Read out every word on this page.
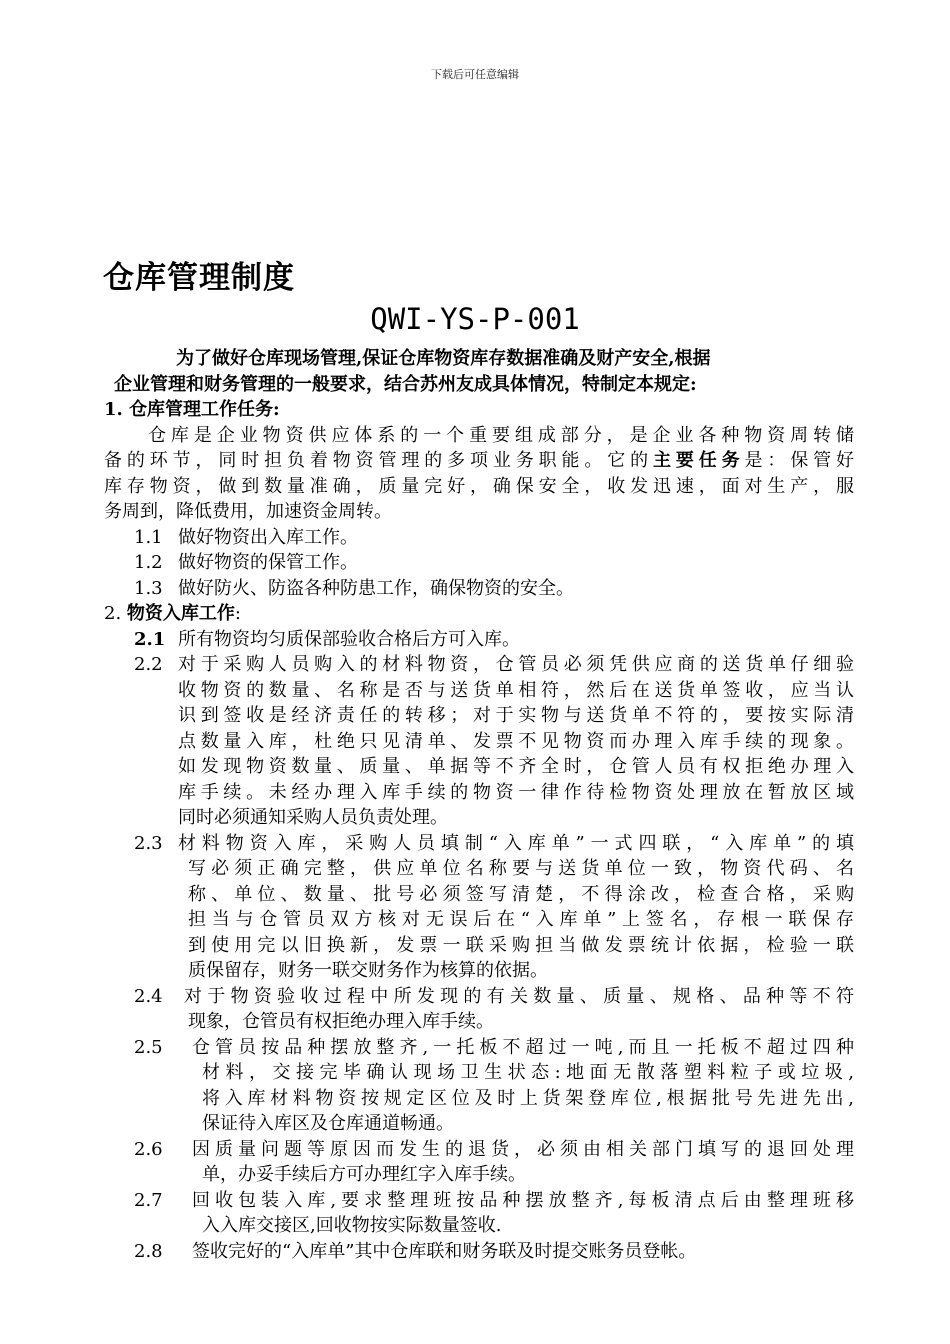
下载后可任意编辑
仓库管理制度
QWI-YS-P-001
为了做好仓库现场管理,保证仓库物资库存数据准确及财产安全,根据
企业管理和财务管理的一般要求，结合苏州友成具体情况，特制定本规定:
1. 仓库管理工作任务:
仓库是企业物资供应体系的一个重要组成部分，是企业各种物资周转储
备的环节，同时担负着物资管理的多项业务职能。它的主要任务是：保管好
库存物资，做到数量准确，质量完好，确保安全，收发迅速，面对生产，服
务周到，降低费用，加速资金周转。
1.1 做好物资出入库工作。
1.2 做好物资的保管工作。
1.3 做好防火、防盗各种防患工作，确保物资的安全。
2. 物资入库工作:
2.1 所有物资均匀质保部验收合格后方可入库。
2.2 对于采购人员购入的材料物资，仓管员必须凭供应商的送货单仔细验
收物资的数量、名称是否与送货单相符，然后在送货单签收，应当认
识到签收是经济责任的转移；对于实物与送货单不符的，要按实际清
点数量入库，杜绝只见清单、发票不见物资而办理入库手续的现象。
如发现物资数量、质量、单据等不齐全时，仓管人员有权拒绝办理入
库手续。未经办理入库手续的物资一律作待检物资处理放在暂放区域
同时必须通知采购人员负责处理。
2.3 材料物资入库，采购人员填制“入库单”一式四联，“入库单”的填
写必须正确完整，供应单位名称要与送货单位一致，物资代码、名
称、单位、数量、批号必须签写清楚，不得涂改，检查合格，采购
担当与仓管员双方核对无误后在“入库单”上签名，存根一联保存
到使用完以旧换新，发票一联采购担当做发票统计依据，检验一联
质保留存，财务一联交财务作为核算的依据。
2.4	对于物资验收过程中所发现的有关数量、质量、规格、品种等不符
现象，仓管员有权拒绝办理入库手续。
2.5	仓管员按品种摆放整齐,一托板不超过一吨,而且一托板不超过四种
材料，交接完毕确认现场卫生状态:地面无散落塑料粒子或垃圾,
将入库材料物资按规定区位及时上货架登库位,根据批号先进先出,
保证待入库区及仓库通道畅通。
2.6	因质量问题等原因而发生的退货，必须由相关部门填写的退回处理
单，办妥手续后方可办理红字入库手续。
2.7	回收包装入库,要求整理班按品种摆放整齐,每板清点后由整理班移
入入库交接区,回收物按实际数量签收.
2.8	签收完好的“入库单”其中仓库联和财务联及时提交账务员登帐。
